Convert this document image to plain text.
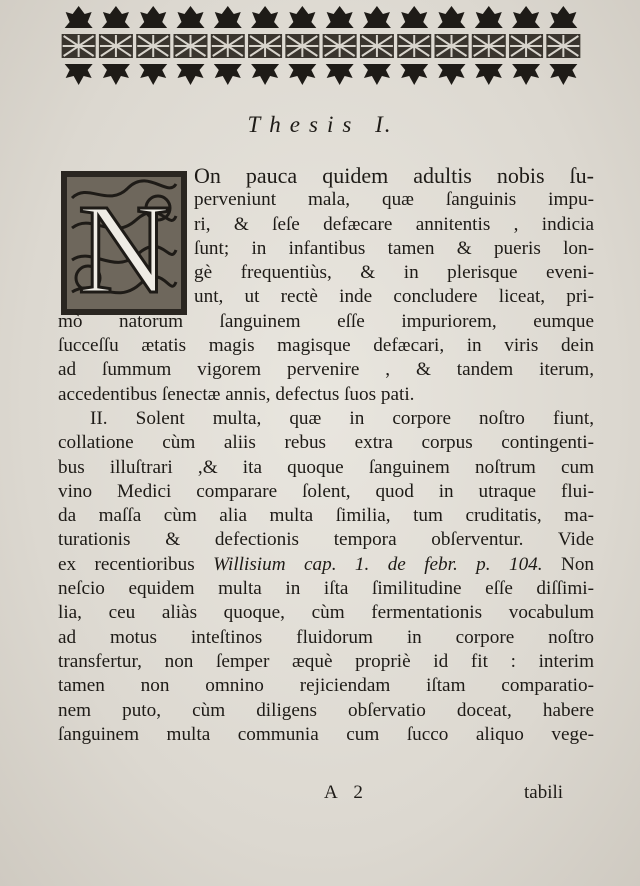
Thesis I.
N
On pauca quidem adultis nobis ſu-
perveniunt mala, quæ ſanguinis impu-
ri, & ſeſe defæcare annitentis , indicia
ſunt; in infantibus tamen & pueris lon-
gè frequentiùs, & in plerisque eveni-
unt, ut rectè inde concludere liceat, pri-
mò natorum ſanguinem eſſe impuriorem, eumque
ſucceſſu ætatis magis magisque defæcari, in viris dein
ad ſummum vigorem pervenire , & tandem iterum,
accedentibus ſenectæ annis, defectus ſuos pati.
II. Solent multa, quæ in corpore noſtro fiunt,
collatione cùm aliis rebus extra corpus contingenti-
bus illuſtrari ,& ita quoque ſanguinem noſtrum cum
vino Medici comparare ſolent, quod in utraque flui-
da maſſa cùm alia multa ſimilia, tum cruditatis, ma-
turationis & defectionis tempora obſerventur. Vide
ex recentioribus Willisium cap. 1. de febr. p. 104. Non
neſcio equidem multa in iſta ſimilitudine eſſe diſſimi-
lia, ceu aliàs quoque, cùm fermentationis vocabulum
ad motus inteſtinos fluidorum in corpore noſtro
transfertur, non ſemper æquè propriè id fit : interim
tamen non omnino rejiciendam iſtam comparatio-
nem puto, cùm diligens obſervatio doceat, habere
ſanguinem multa communia cum ſucco aliquo vege-
A 2	tabili
